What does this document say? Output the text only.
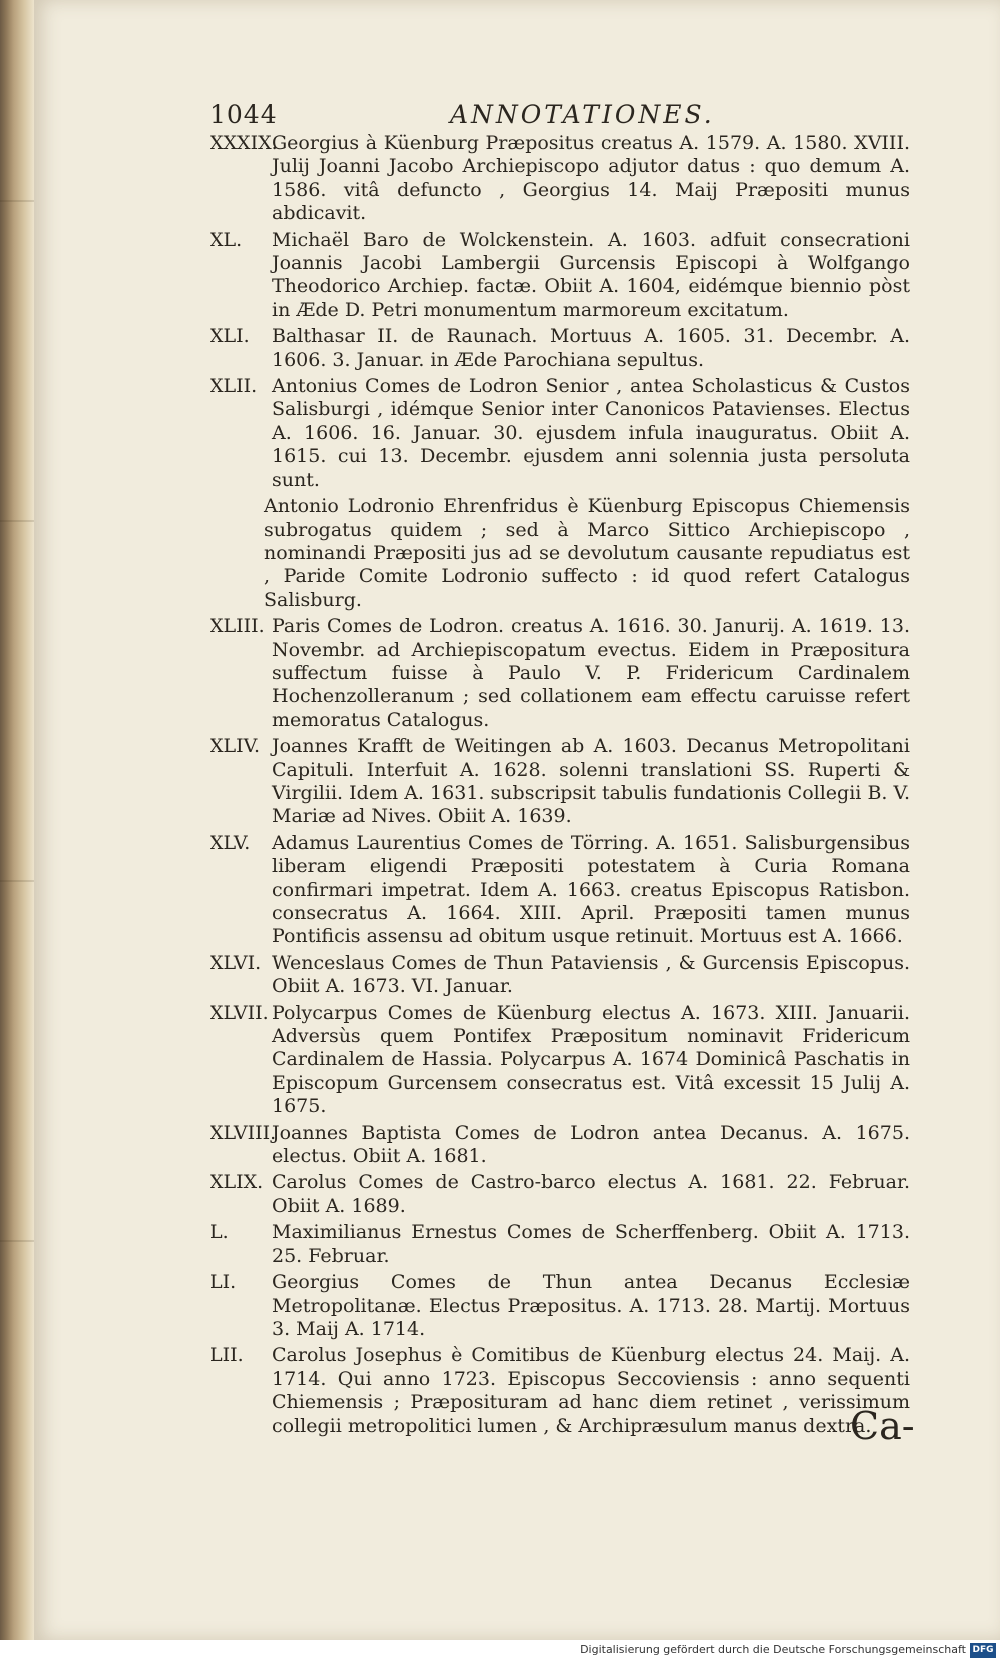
1044	ANNOTATIONES.
XXXIX.
Georgius à Küenburg Præpositus creatus A. 1579. A. 1580. XVIII. Julij Joanni Jacobo Archiepiscopo adjutor datus : quo demum A. 1586. vitâ defunctο , Georgius 14. Maij Præpositi munus abdicavit.
XL. Michaël Baro de Wolckenstein. A. 1603. adfuit consecrationi Joannis Jacobi Lambergii Gurcensis Episcopi à Wolfgango Theodorico Archiep. factæ. Obiit A. 1604, eidémque biennio pòst in Æde D. Petri monumentum marmoreum excitatum.
XLI. Balthasar II. de Raunach. Mortuus A. 1605. 31. Decembr. A. 1606. 3. Januar. in Æde Parochiana sepultus.
XLII. Antonius Comes de Lodron Senior , antea Scholasticus & Custos Salisburgi , idémque Senior inter Canonicos Patavienses. Electus A. 1606. 16. Januar. 30. ejusdem infula inauguratus. Obiit A. 1615. cui 13. Decembr. ejusdem anni solennia justa persoluta sunt.
Antonio Lodronio Ehrenfridus è Küenburg Episcopus Chiemensis subrogatus quidem ; sed à Marco Sittico Archiepiscopo , nominandi Præpositi jus ad se devolutum causante repudiatus est , Paride Comite Lodronio suffecto : id quod refert Catalogus Salisburg.
XLIII. Paris Comes de Lodron. creatus A. 1616. 30. Janurij. A. 1619. 13. Novembr. ad Archiepiscopatum evectus. Eidem in Præpositura suffectum fuisse à Paulo V. P. Fridericum Cardinalem Hochenzolleranum ; sed collationem eam effectu caruisse refert memoratus Catalogus.
XLIV. Joannes Krafft de Weitingen ab A. 1603. Decanus Metropolitani Capituli. Interfuit A. 1628. solenni translationi SS. Ruperti & Virgilii. Idem A. 1631. subscripsit tabulis fundationis Collegii B. V. Mariæ ad Nives. Obiit A. 1639.
XLV. Adamus Laurentius Comes de Törring. A. 1651. Salisburgensibus liberam eligendi Præpositi potestatem à Curia Romana confirmari impetrat. Idem A. 1663. creatus Episcopus Ratisbon. consecratus A. 1664. XIII. April. Præpositi tamen munus Pontificis assensu ad obitum usque retinuit. Mortuus est A. 1666.
XLVI. Wenceslaus Comes de Thun Pataviensis , & Gurcensis Episcopus. Obiit A. 1673. VI. Januar.
XLVII. Polycarpus Comes de Küenburg electus A. 1673. XIII. Januarii. Adversùs quem Pontifex Præpositum nominavit Fridericum Cardinalem de Hassia. Polycarpus A. 1674 Dominicâ Paschatis in Episcopum Gurcensem consecratus est. Vitâ excessit 15 Julij A. 1675.
XLVIII.
Joannes Baptista Comes de Lodron antea Decanus. A. 1675. electus. Obiit A. 1681.
XLIX. Carolus Comes de Castro-barco electus A. 1681. 22. Februar. Obiit A. 1689.
L. Maximilianus Ernestus Comes de Scherffenberg. Obiit A. 1713. 25. Februar.
LI. Georgius Comes de Thun antea Decanus Ecclesiæ Metropolitanæ. Electus Præpositus. A. 1713. 28. Martij. Mortuus 3. Maij A. 1714.
LII. Carolus Josephus è Comitibus de Küenburg electus 24. Maij. A. 1714. Qui anno 1723. Episcopus Seccoviensis : anno sequenti Chiemensis ; Præposituram ad hanc diem retinet , verissimum collegii metropolitici lumen , & Archipræsulum manus dextra.
Ca-
Digitalisierung gefördert durch die Deutsche Forschungsgemeinschaft DFG
